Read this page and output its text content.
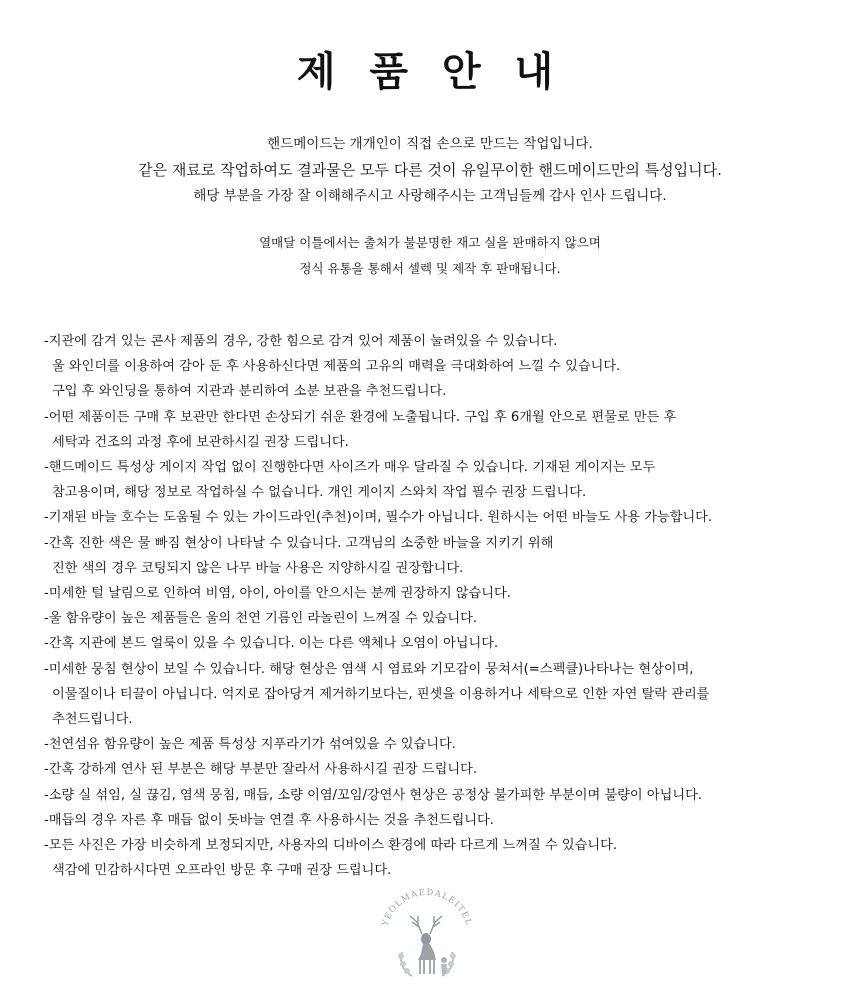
제 품 안 내
핸드메이드는 개개인이 직접 손으로 만드는 작업입니다.
같은 재료로 작업하여도 결과물은 모두 다른 것이 유일무이한 핸드메이드만의 특성입니다.
해당 부분을 가장 잘 이해해주시고 사랑해주시는 고객님들께 감사 인사 드립니다.
열매달 이틀에서는 출처가 불분명한 재고 실을 판매하지 않으며
정식 유통을 통해서 셀렉 및 제작 후 판매됩니다.
-지관에 감겨 있는 콘사 제품의 경우, 강한 힘으로 감겨 있어 제품이 눌려있을 수 있습니다.
울 와인더를 이용하여 감아 둔 후 사용하신다면 제품의 고유의 매력을 극대화하여 느낄 수 있습니다.
구입 후 와인딩을 통하여 지관과 분리하여 소분 보관을 추천드립니다.
-어떤 제품이든 구매 후 보관만 한다면 손상되기 쉬운 환경에 노출됩니다. 구입 후 6개월 안으로 편물로 만든 후
세탁과 건조의 과정 후에 보관하시길 권장 드립니다.
-핸드메이드 특성상 게이지 작업 없이 진행한다면 사이즈가 매우 달라질 수 있습니다. 기재된 게이지는 모두
참고용이며, 해당 정보로 작업하실 수 없습니다. 개인 게이지 스와치 작업 필수 권장 드립니다.
-기재된 바늘 호수는 도움될 수 있는 가이드라인(추천)이며, 필수가 아닙니다. 원하시는 어떤 바늘도 사용 가능합니다.
-간혹 진한 색은 물 빠짐 현상이 나타날 수 있습니다. 고객님의 소중한 바늘을 지키기 위해
진한 색의 경우 코팅되지 않은 나무 바늘 사용은 지양하시길 권장합니다.
-미세한 털 날림으로 인하여 비염, 아이, 아이를 안으시는 분께 권장하지 않습니다.
-울 함유량이 높은 제품들은 울의 천연 기름인 라놀린이 느껴질 수 있습니다.
-간혹 지관에 본드 얼룩이 있을 수 있습니다. 이는 다른 액체나 오염이 아닙니다.
-미세한 뭉침 현상이 보일 수 있습니다. 해당 현상은 염색 시 염료와 기모감이 뭉쳐서(=스펙클)나타나는 현상이며,
이물질이나 티끌이 아닙니다. 억지로 잡아당겨 제거하기보다는, 핀셋을 이용하거나 세탁으로 인한 자연 탈락 관리를
추천드립니다.
-천연섬유 함유량이 높은 제품 특성상 지푸라기가 섞여있을 수 있습니다.
-간혹 강하게 연사 된 부분은 해당 부분만 잘라서 사용하시길 권장 드립니다.
-소량 실 섞임, 실 끊김, 염색 뭉침, 매듭, 소량 이염/꼬임/강연사 현상은 공정상 불가피한 부분이며 불량이 아닙니다.
-매듭의 경우 자른 후 매듭 없이 돗바늘 연결 후 사용하시는 것을 추천드립니다.
-모든 사진은 가장 비슷하게 보정되지만, 사용자의 디바이스 환경에 따라 다르게 느껴질 수 있습니다.
색감에 민감하시다면 오프라인 방문 후 구매 권장 드립니다.
YEOLMAEDALEITEL
